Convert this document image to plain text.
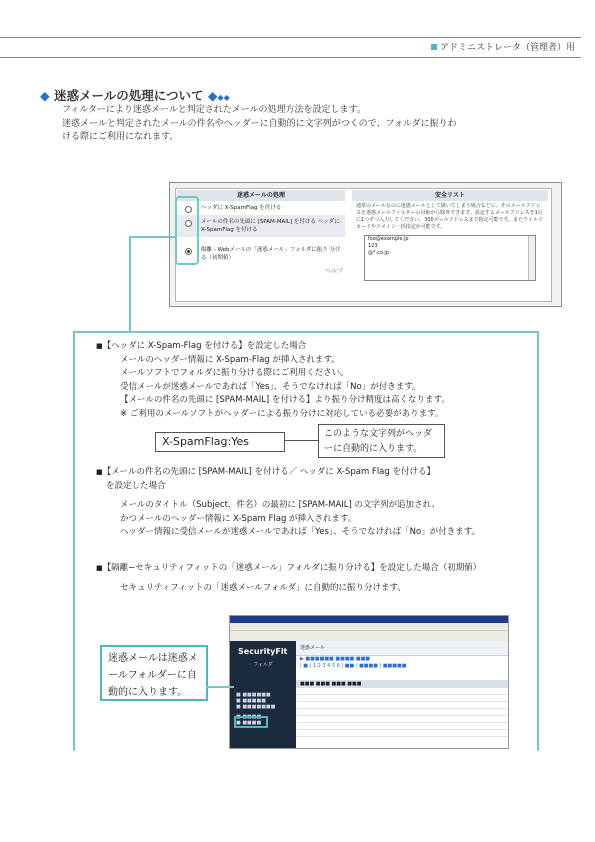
アドミニストレータ（管理者）用
◆ 迷惑メールの処理について ◆◆◆
フィルターにより迷惑メールと判定されたメールの処理方法を設定します。
迷惑メールと判定されたメールの件名やヘッダーに自動的に文字列がつくので、フォルダに振りわ
ける際にご利用になれます。
迷惑メールの処理
ヘッダに X-SpamFlag を付ける
メールの件名の先頭に [SPAM-MAIL] を付ける ヘッダに X-SpamFlag を付ける
隔離 - Webメールの「迷惑メール」フォルダに振り 分ける（初期値）
ヘルプ
安全リスト
通常のメールなのに迷惑メールとして扱いてしまう場合などに、そのメールアドレスを迷惑メールフィルターの対象から除外できます。設定するメールアドレスを1行に1つずつ入力してください。300メールアドレスまで指定可能です。またワイルドカードやドメイン一括指定が可能です。
foo@example.jp
123
@*.co.jp
■【ヘッダに X-Spam-Flag を付ける】を設定した場合
メールのヘッダー情報に X-Spam-Flag が挿入されます。
メールソフトでフォルダに振り分ける際にご利用ください。
受信メールが迷惑メールであれば「Yes」、そうでなければ「No」が付きます。
【メールの件名の先頭に [SPAM-MAIL] を付ける】より振り分け精度は高くなります。
※ ご利用のメールソフトがヘッダーによる振り分けに対応している必要があります。
X-SpamFlag:Yes
このような文字列がヘッダーに自動的に入ります。
■【メールの件名の先頭に [SPAM-MAIL] を付ける／ ヘッダに X-Spam Flag を付ける】
を設定した場合
メールのタイトル（Subject、件名）の最初に [SPAM-MAIL] の文字列が追加され、
かつメールのヘッダー情報に X-Spam Flag が挿入されます。
ヘッダー情報に受信メールが迷惑メールであれば「Yes」、そうでなければ「No」が付きます。
■【隔離−セキュリティフィットの「迷惑メール」フォルダに振り分ける】を設定した場合（初期値）
セキュリティフィットの「迷惑メールフォルダ」に自動的に振り分けます。
SecurityFit
フォルダ
■ ■■■■■■
■ ■■■■■
■ ■■■■■■■
■ ■■■■
■ ■■■■
迷惑メール
▶ ■■■■■■ ■■■■ ■■■
| ■ | 1 2 3 4 5 6 | ■■ | ■■■■ | ■■■■■
■■■ ■■■ ■■■ ■■■
迷惑メールは迷惑メールフォルダーに自動的に入ります。
